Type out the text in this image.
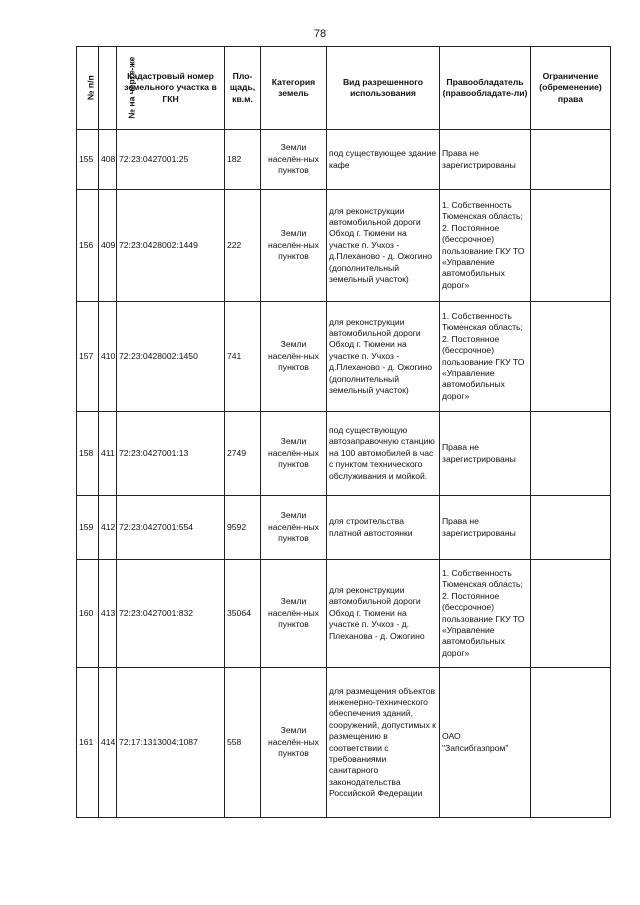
78
№ п/п	№ на черте-же	Кадастровый номер земельного участка в ГКН	Пло-щадь, кв.м.	Категория земель	Вид разрешенного использования	Правообладатель (правообладате-ли)	Ограничение (обременение) права
155	408	72:23:0427001:25	182	Земли населён-ных пунктов	под существующее здание кафе	Права не зарегистрированы	
156	409	72:23:0428002:1449	222	Земли населён-ных пунктов	для реконструкции автомобильной дороги Обход г. Тюмени на участке п. Учхоз - д.Плеханово - д. Ожогино (дополнительный земельный участок)	1. Собственность Тюменская область; 2. Постоянное (бессрочное) пользование ГКУ ТО «Управление автомобильных дорог»	
157	410	72:23:0428002:1450	741	Земли населён-ных пунктов	для реконструкции автомобильной дороги Обход г. Тюмени на участке п. Учхоз - д.Плеханово - д. Ожогино (дополнительный земельный участок)	1. Собственность Тюменская область; 2. Постоянное (бессрочное) пользование ГКУ ТО «Управление автомобильных дорог»	
158	411	72:23:0427001:13	2749	Земли населён-ных пунктов	под существующую автозаправочную станцию на 100 автомобилей в час с пунктом технического обслуживания и мойкой.	Права не зарегистрированы	
159	412	72:23:0427001:554	9592	Земли населён-ных пунктов	для строительства платной автостоянки	Права не зарегистрированы	
160	413	72:23:0427001:832	35064	Земли населён-ных пунктов	для реконструкции автомобильной дороги Обход г. Тюмени на участке п. Учхоз - д. Плеханова - д. Ожогино	1. Собственность Тюменская область; 2. Постоянное (бессрочное) пользование ГКУ ТО «Управление автомобильных дорог»	
161	414	72:17:1313004:1087	558	Земли населён-ных пунктов	для размещения объектов инженерно-технического обеспечения зданий, сооружений, допустимых к размещению в соответствии с требованиями санитарного законодательства Российской Федерации	ОАО "Запсибгазпром"	
